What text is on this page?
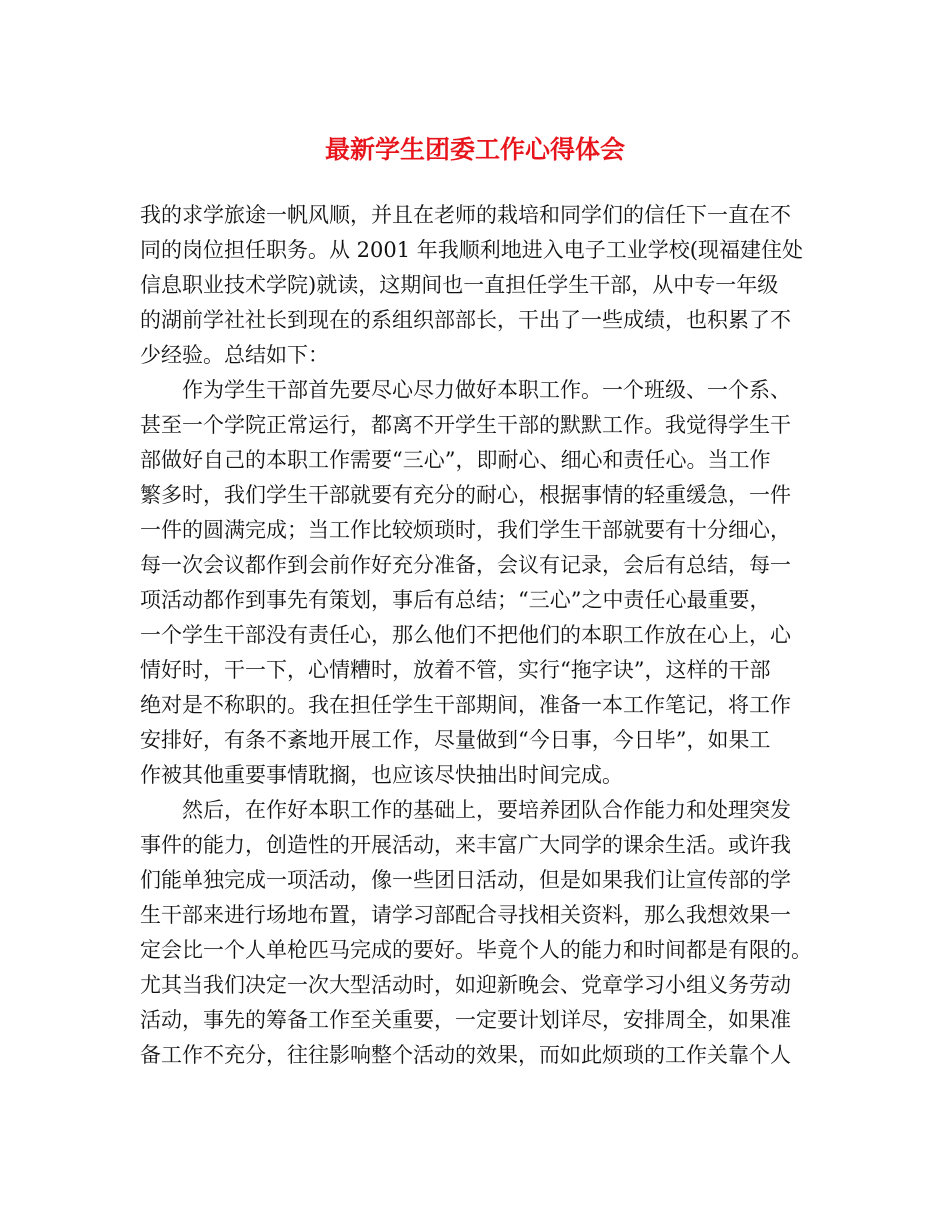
最新学生团委工作心得体会
我的求学旅途一帆风顺，并且在老师的栽培和同学们的信任下一直在不
同的岗位担任职务。从 2001 年我顺利地进入电子工业学校(现福建住处
信息职业技术学院)就读，这期间也一直担任学生干部，从中专一年级
的湖前学社社长到现在的系组织部部长，干出了一些成绩，也积累了不
少经验。总结如下：
作为学生干部首先要尽心尽力做好本职工作。一个班级、一个系、
甚至一个学院正常运行，都离不开学生干部的默默工作。我觉得学生干
部做好自己的本职工作需要“三心”，即耐心、细心和责任心。当工作
繁多时，我们学生干部就要有充分的耐心，根据事情的轻重缓急，一件
一件的圆满完成；当工作比较烦琐时，我们学生干部就要有十分细心，
每一次会议都作到会前作好充分准备，会议有记录，会后有总结，每一
项活动都作到事先有策划，事后有总结；“三心”之中责任心最重要，
一个学生干部没有责任心，那么他们不把他们的本职工作放在心上，心
情好时，干一下，心情糟时，放着不管，实行“拖字诀”，这样的干部
绝对是不称职的。我在担任学生干部期间，准备一本工作笔记，将工作
安排好，有条不紊地开展工作，尽量做到“今日事，今日毕”，如果工
作被其他重要事情耽搁，也应该尽快抽出时间完成。
然后，在作好本职工作的基础上，要培养团队合作能力和处理突发
事件的能力，创造性的开展活动，来丰富广大同学的课余生活。或许我
们能单独完成一项活动，像一些团日活动，但是如果我们让宣传部的学
生干部来进行场地布置，请学习部配合寻找相关资料，那么我想效果一
定会比一个人单枪匹马完成的要好。毕竟个人的能力和时间都是有限的。
尤其当我们决定一次大型活动时，如迎新晚会、党章学习小组义务劳动
活动，事先的筹备工作至关重要，一定要计划详尽，安排周全，如果准
备工作不充分，往往影响整个活动的效果，而如此烦琐的工作关靠个人
